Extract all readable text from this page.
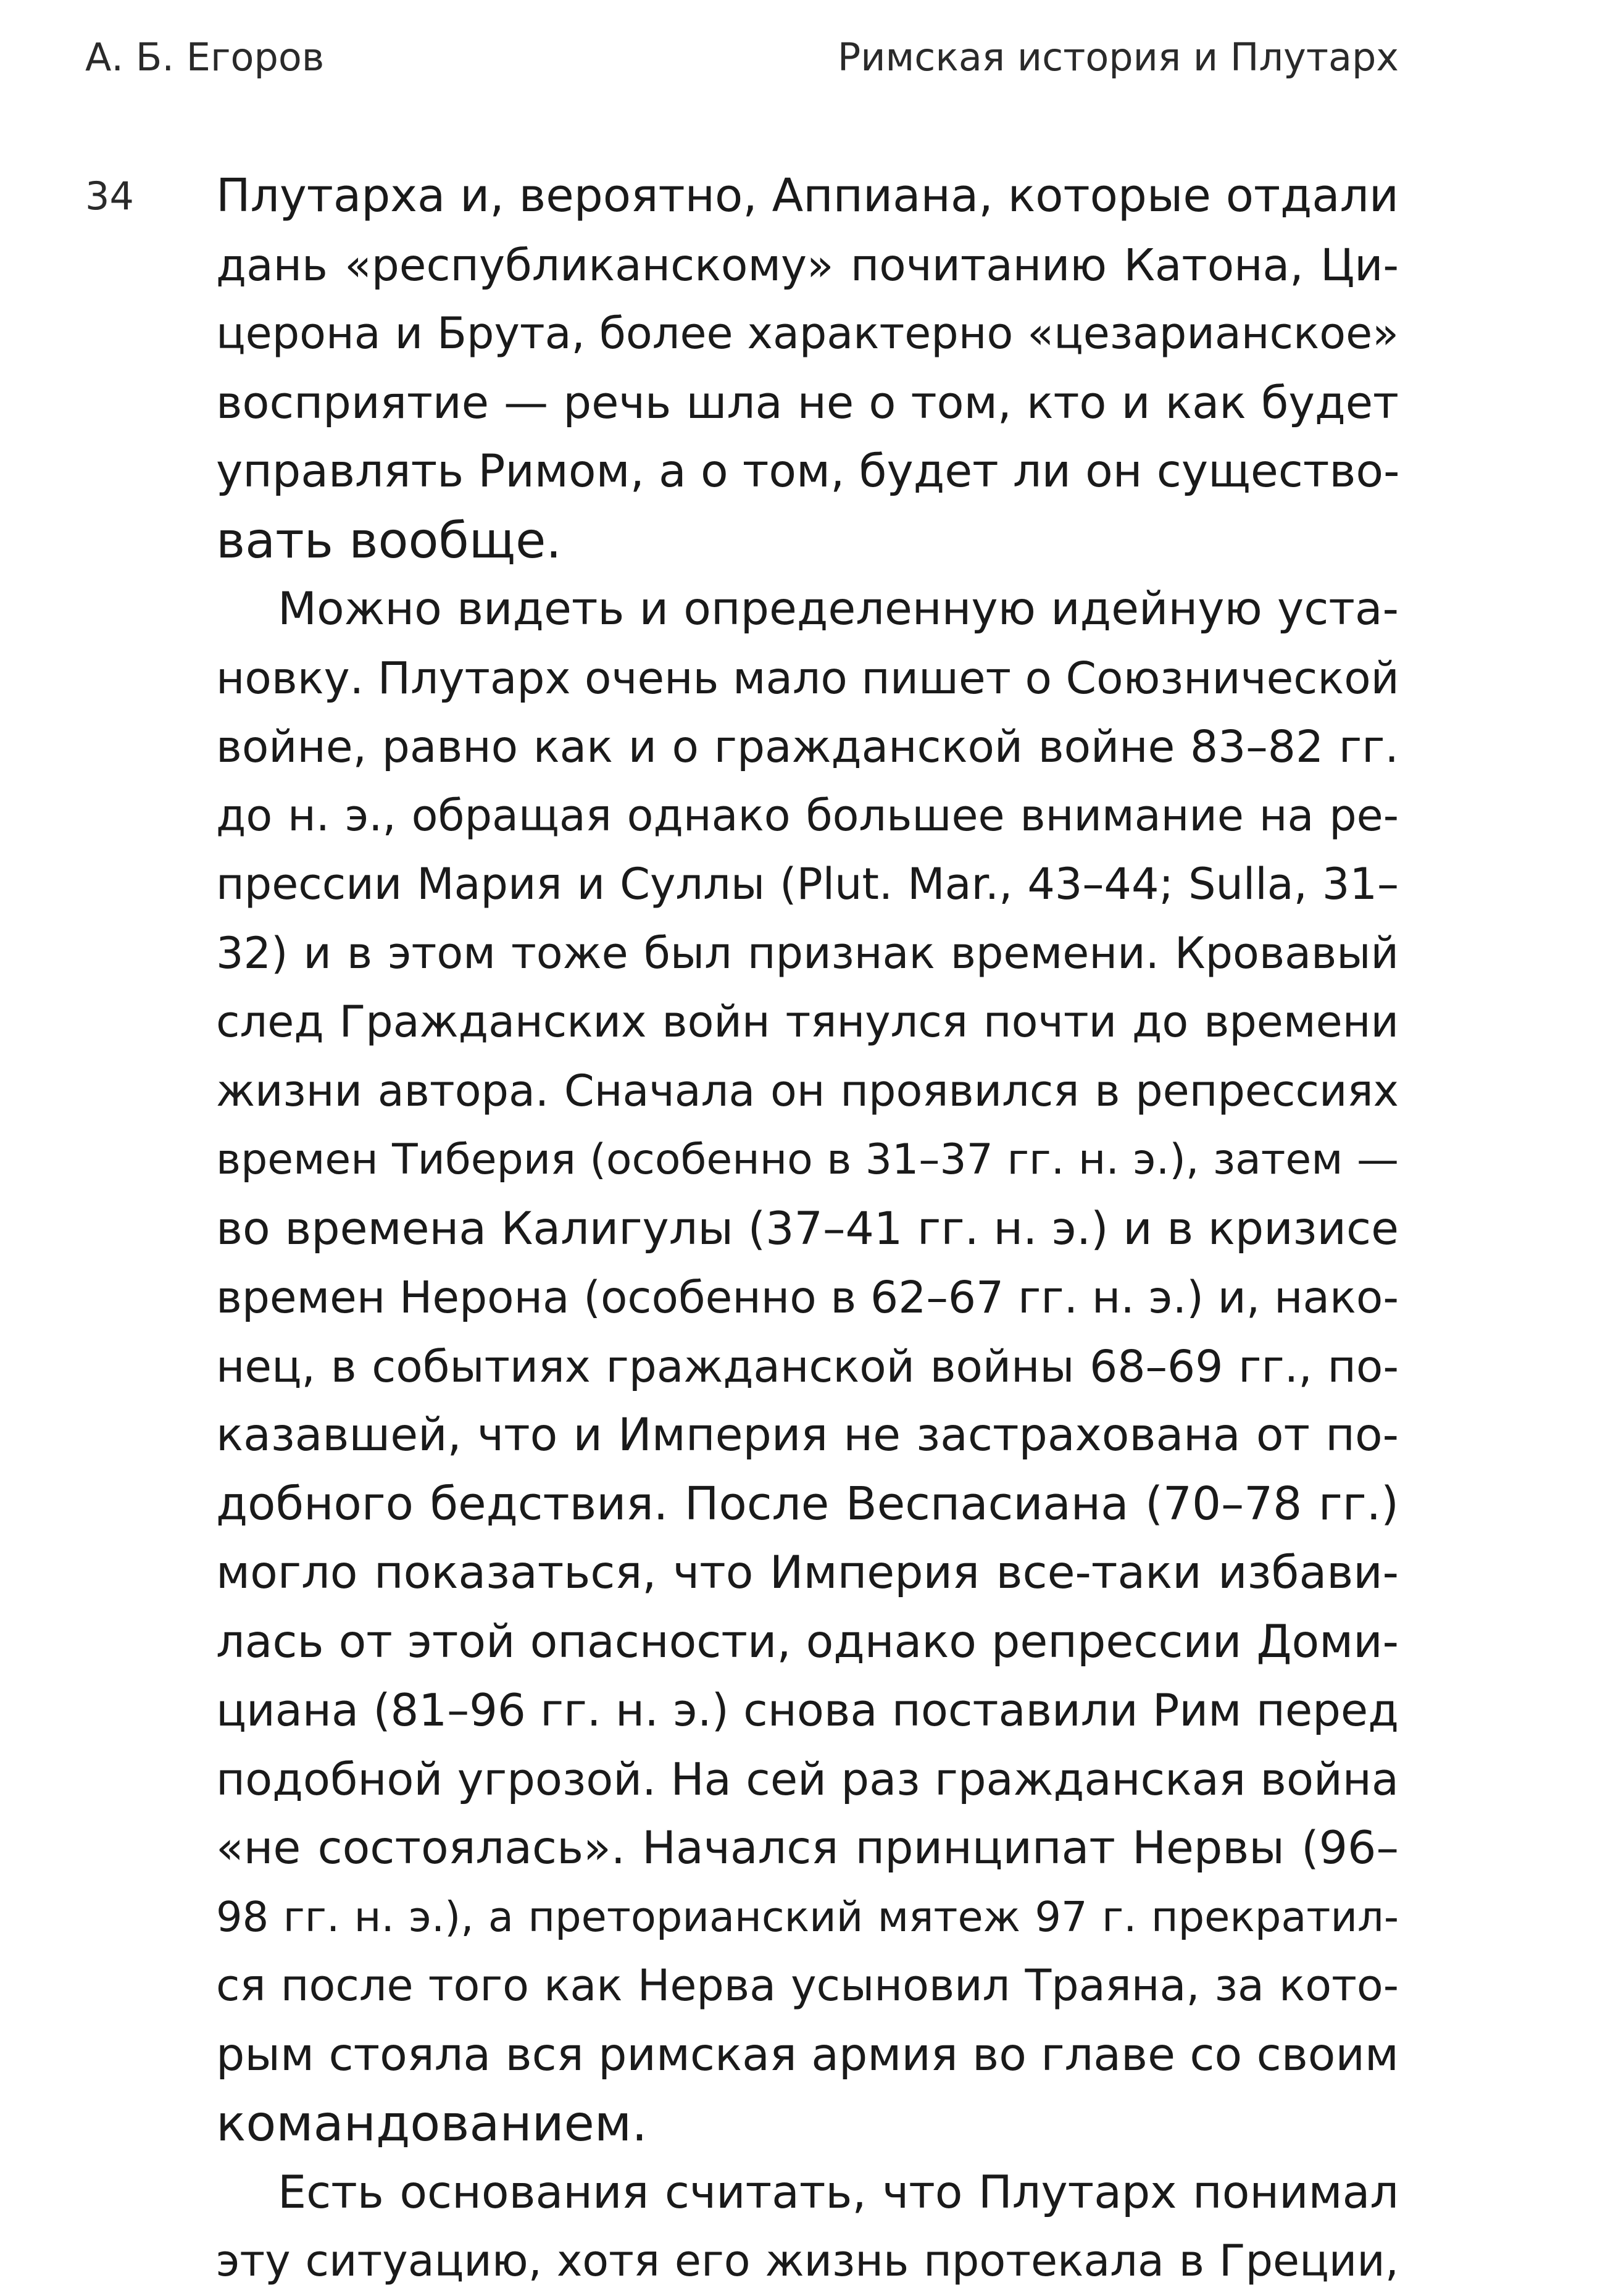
А. Б. Егоров	Римская история и Плутарх
34 Плутарха и, вероятно, Аппиана, которые отдали
дань «республиканскому» почитанию Катона, Ци-
церона и Брута, более характерно «цезарианское»
восприятие — речь шла не о том, кто и как будет
управлять Римом, а о том, будет ли он существо-
вать вообще.
Можно видеть и определенную идейную уста-
новку. Плутарх очень мало пишет о Союзнической
войне, равно как и о гражданской войне 83–82 гг.
до н. э., обращая однако большее внимание на ре-
прессии Мария и Суллы (Plut. Mar., 43–44; Sulla, 31–
32) и в этом тоже был признак времени. Кровавый
след Гражданских войн тянулся почти до времени
жизни автора. Сначала он проявился в репрессиях
времен Тиберия (особенно в 31–37 гг. н. э.), затем —
во времена Калигулы (37–41 гг. н. э.) и в кризисе
времен Нерона (особенно в 62–67 гг. н. э.) и, нако-
нец, в событиях гражданской войны 68–69 гг., по-
казавшей, что и Империя не застрахована от по-
добного бедствия. После Веспасиана (70–78 гг.)
могло показаться, что Империя все-таки избави-
лась от этой опасности, однако репрессии Доми-
циана (81–96 гг. н. э.) снова поставили Рим перед
подобной угрозой. На сей раз гражданская война
«не состоялась». Начался принципат Нервы (96–
98 гг. н. э.), а преторианский мятеж 97 г. прекратил-
ся после того как Нерва усыновил Траяна, за кото-
рым стояла вся римская армия во главе со своим
командованием.
Есть основания считать, что Плутарх понимал
эту ситуацию, хотя его жизнь протекала в Греции,
